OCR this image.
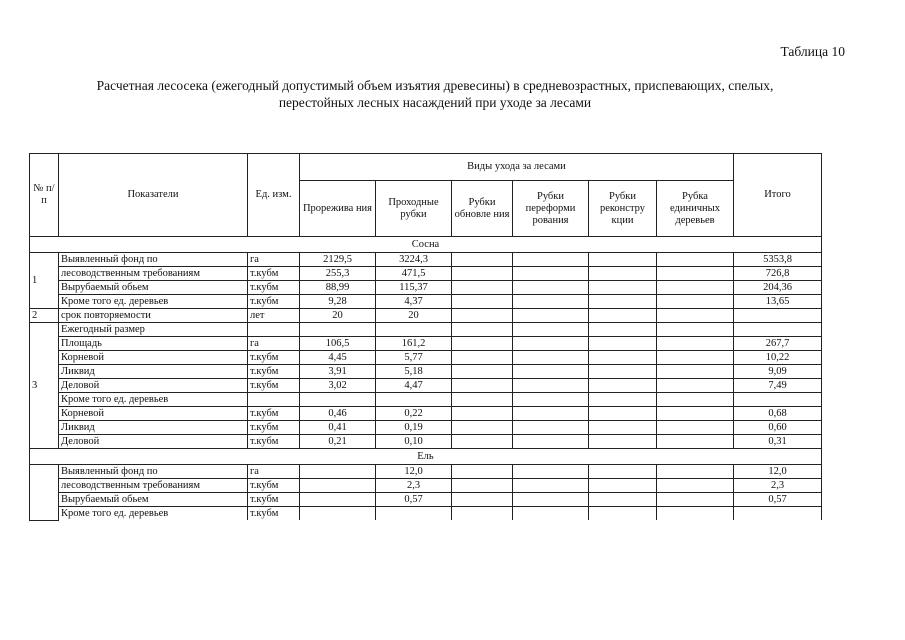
Таблица 10
Расчетная лесосека (ежегодный допустимый объем изъятия древесины) в средневозрастных, приспевающих, спелых,
перестойных лесных насаждений при уходе за лесами
№ п/п	Показатели	Ед. изм.	Виды ухода за лесами						Итого
			Прорежива ния	Проходные рубки	Рубки обновле ния	Рубки переформи рования	Рубки реконстру кции	Рубка единичных деревьев	
Сосна									
1	Выявленный фонд по	га	2129,5	3224,3					5353,8
	лесоводственным требованиям	т.кубм	255,3	471,5					726,8
	Вырубаемый обьем	т.кубм	88,99	115,37					204,36
	Кроме того ед. деревьев	т.кубм	9,28	4,37					13,65
2	срок повторяемости	лет	20	20					
3	Ежегодный размер								
	Площадь	га	106,5	161,2					267,7
	Корневой	т.кубм	4,45	5,77					10,22
	Ликвид	т.кубм	3,91	5,18					9,09
	Деловой	т.кубм	3,02	4,47					7,49
	Кроме того ед. деревьев								
	Корневой	т.кубм	0,46	0,22					0,68
	Ликвид	т.кубм	0,41	0,19					0,60
	Деловой	т.кубм	0,21	0,10					0,31
Ель									
	Выявленный фонд по	га		12,0					12,0
	лесоводственным требованиям	т.кубм		2,3					2,3
	Вырубаемый обьем	т.кубм		0,57					0,57
	Кроме того ед. деревьев	т.кубм							
